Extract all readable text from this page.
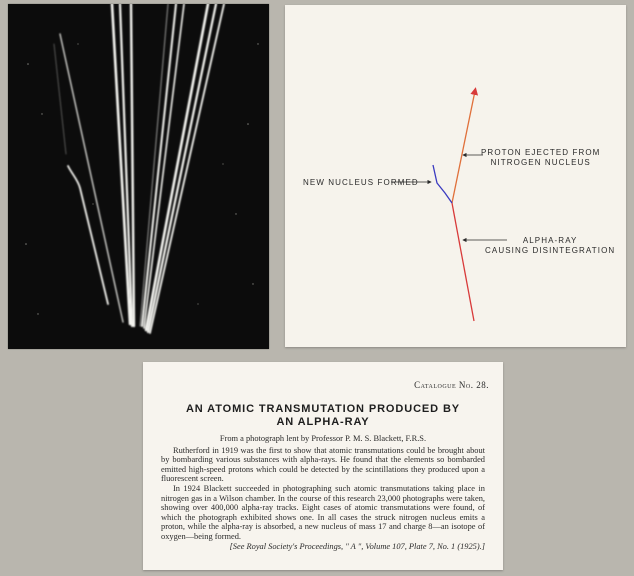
PROTON EJECTED FROM
NITROGEN NUCLEUS
NEW NUCLEUS FORMED
ALPHA-RAY
CAUSING DISINTEGRATION
Catalogue No. 28.
AN ATOMIC TRANSMUTATION PRODUCED BY
AN ALPHA-RAY

From a photograph lent by Professor P. M. S. Blackett, F.R.S.

Rutherford in 1919 was the first to show that atomic transmutations could be brought about by bombarding various substances with alpha-rays. He found that the elements so bombarded emitted high-speed protons which could be detected by the scintillations they produced upon a fluorescent screen.

In 1924 Blackett succeeded in photographing such atomic transmutations taking place in nitrogen gas in a Wilson chamber. In the course of this research 23,000 photographs were taken, showing over 400,000 alpha-ray tracks. Eight cases of atomic transmutations were found, of which the photograph exhibited shows one. In all cases the struck nitrogen nucleus emits a proton, while the alpha-ray is absorbed, a new nucleus of mass 17 and charge 8—an isotope of oxygen—being formed.

[See Royal Society's Proceedings, " A ", Volume 107, Plate 7, No. 1 (1925).]
